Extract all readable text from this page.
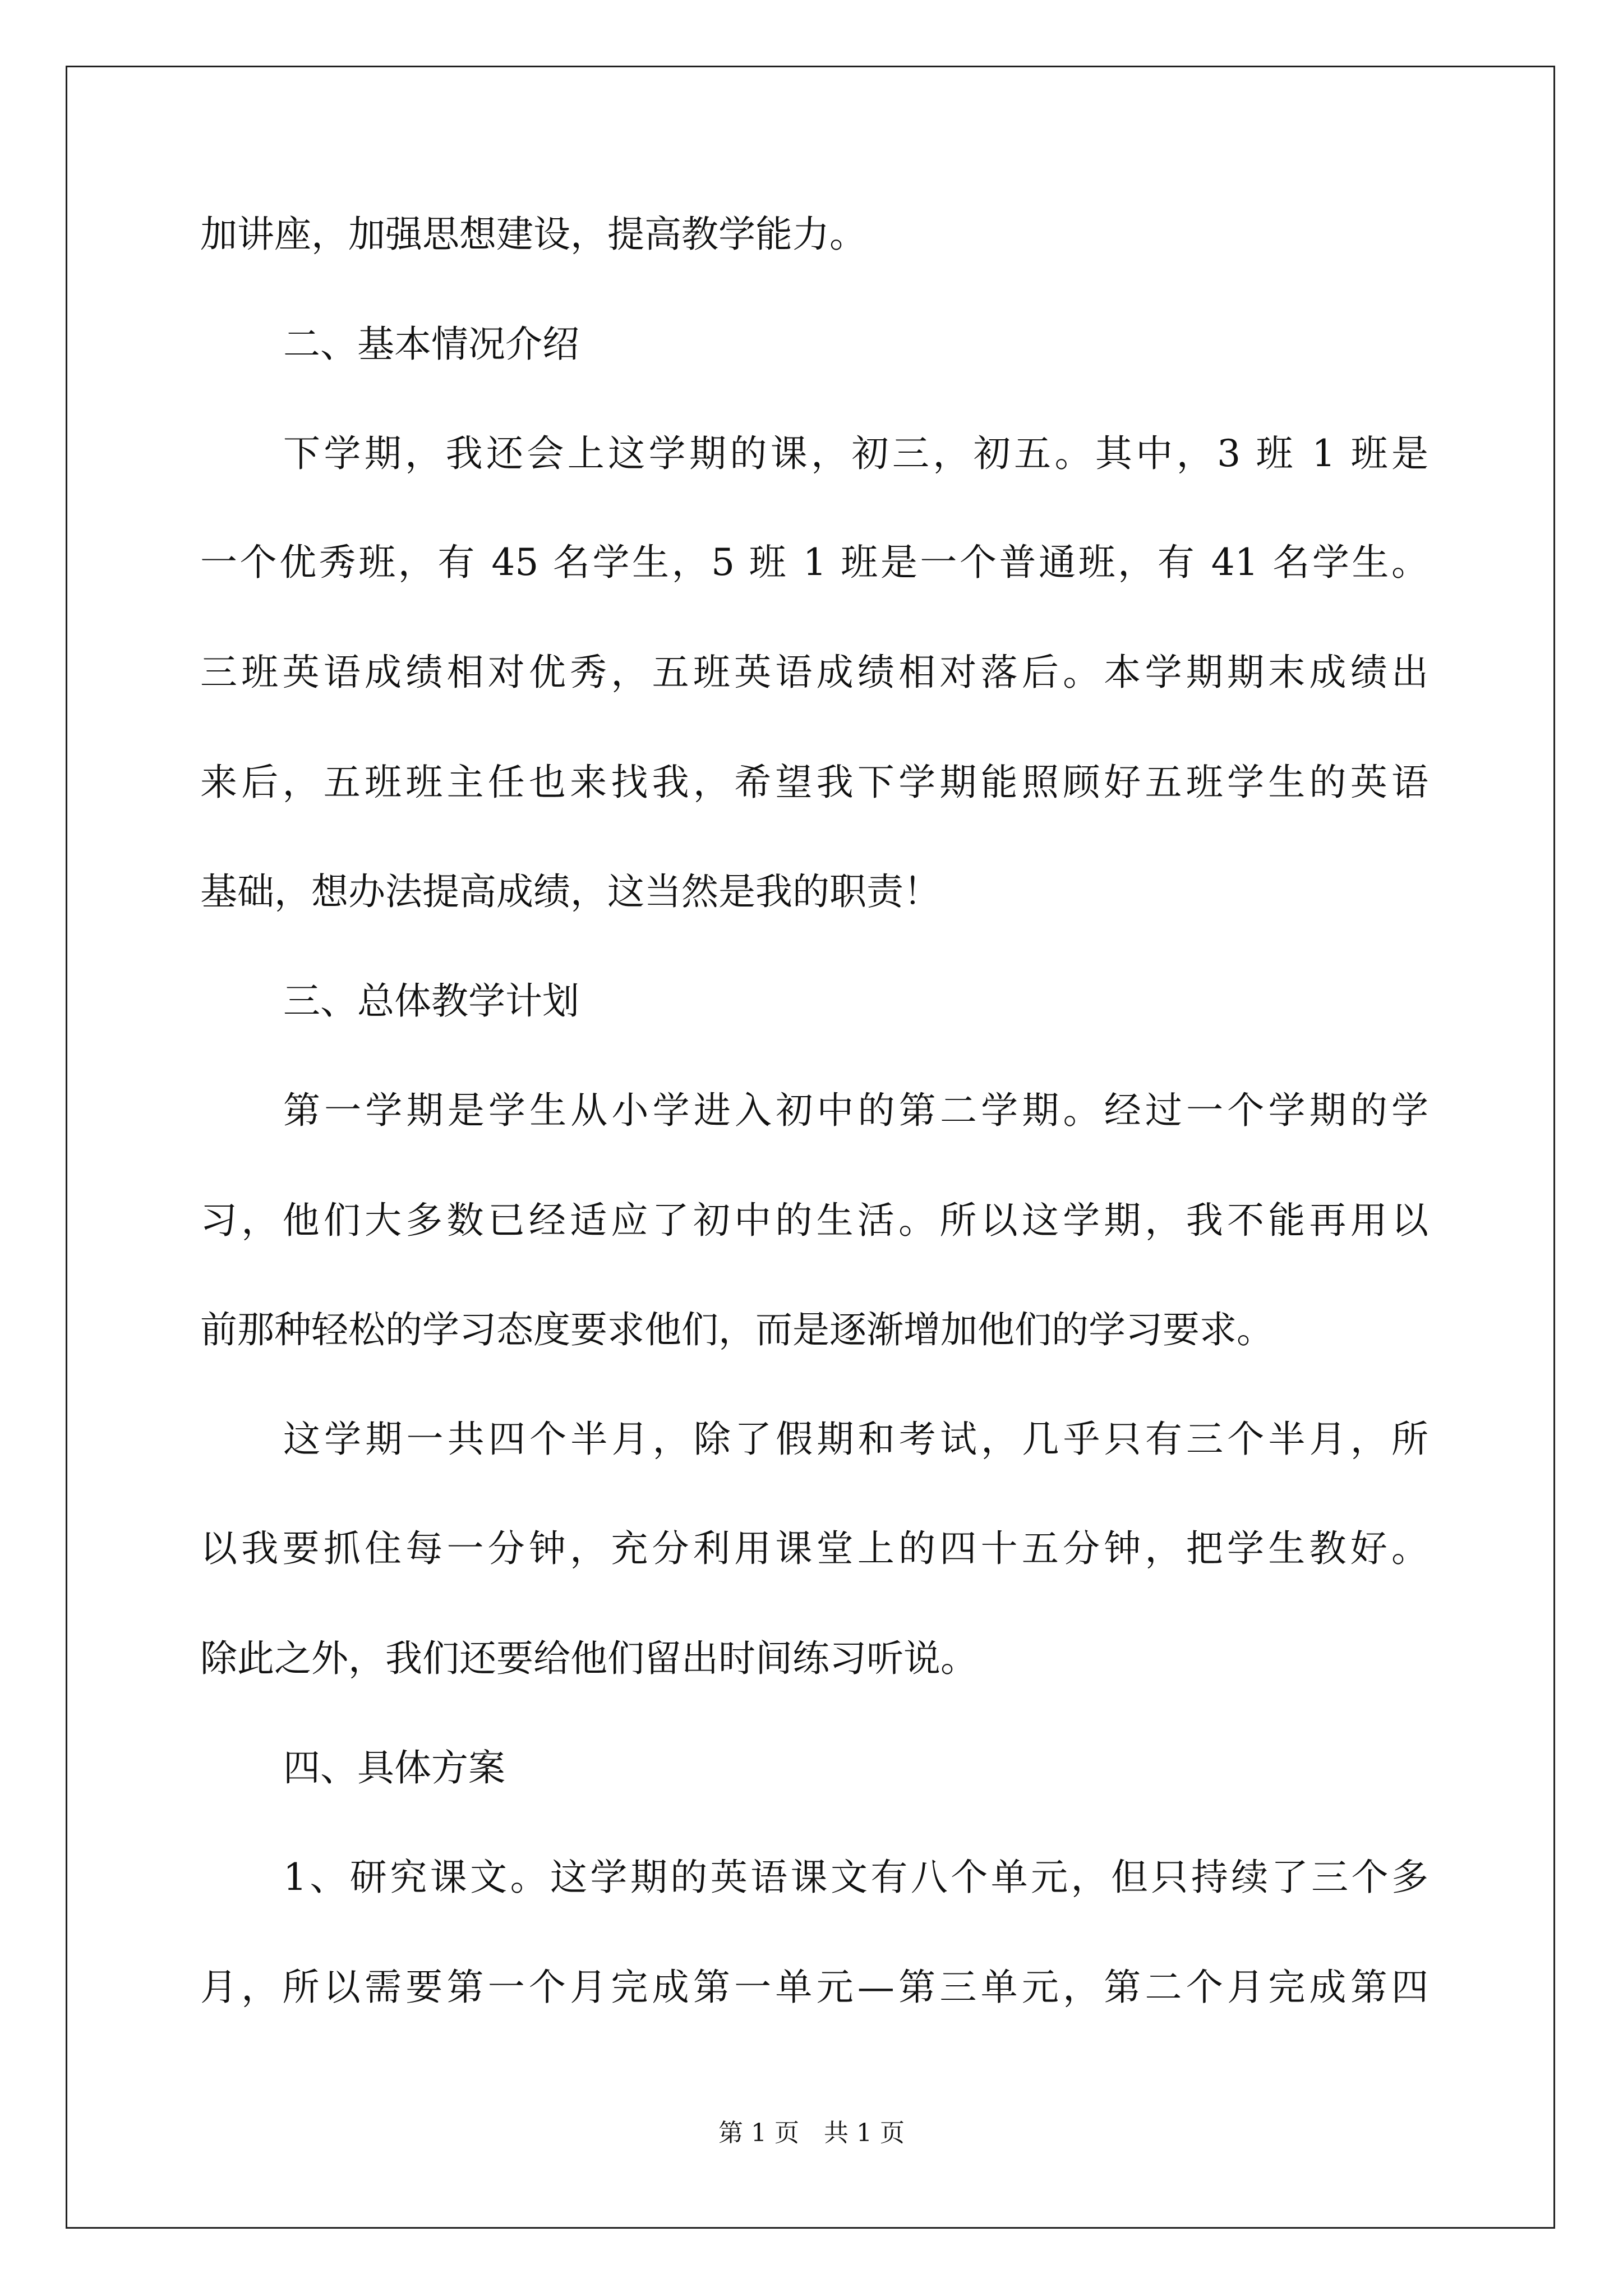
加讲座，加强思想建设，提高教学能力。
二、基本情况介绍
下学期，我还会上这学期的课，初三，初五。其中，3 班 1 班是
一个优秀班，有 45 名学生，5 班 1 班是一个普通班，有 41 名学生。
三班英语成绩相对优秀，五班英语成绩相对落后。本学期期末成绩出
来后，五班班主任也来找我，希望我下学期能照顾好五班学生的英语
基础，想办法提高成绩，这当然是我的职责！
三、总体教学计划
第一学期是学生从小学进入初中的第二学期。经过一个学期的学
习，他们大多数已经适应了初中的生活。所以这学期，我不能再用以
前那种轻松的学习态度要求他们，而是逐渐增加他们的学习要求。
这学期一共四个半月，除了假期和考试，几乎只有三个半月，所
以我要抓住每一分钟，充分利用课堂上的四十五分钟，把学生教好。
除此之外，我们还要给他们留出时间练习听说。
四、具体方案
1、研究课文。这学期的英语课文有八个单元，但只持续了三个多
月，所以需要第一个月完成第一单元—第三单元，第二个月完成第四
第 1 页　共 1 页
